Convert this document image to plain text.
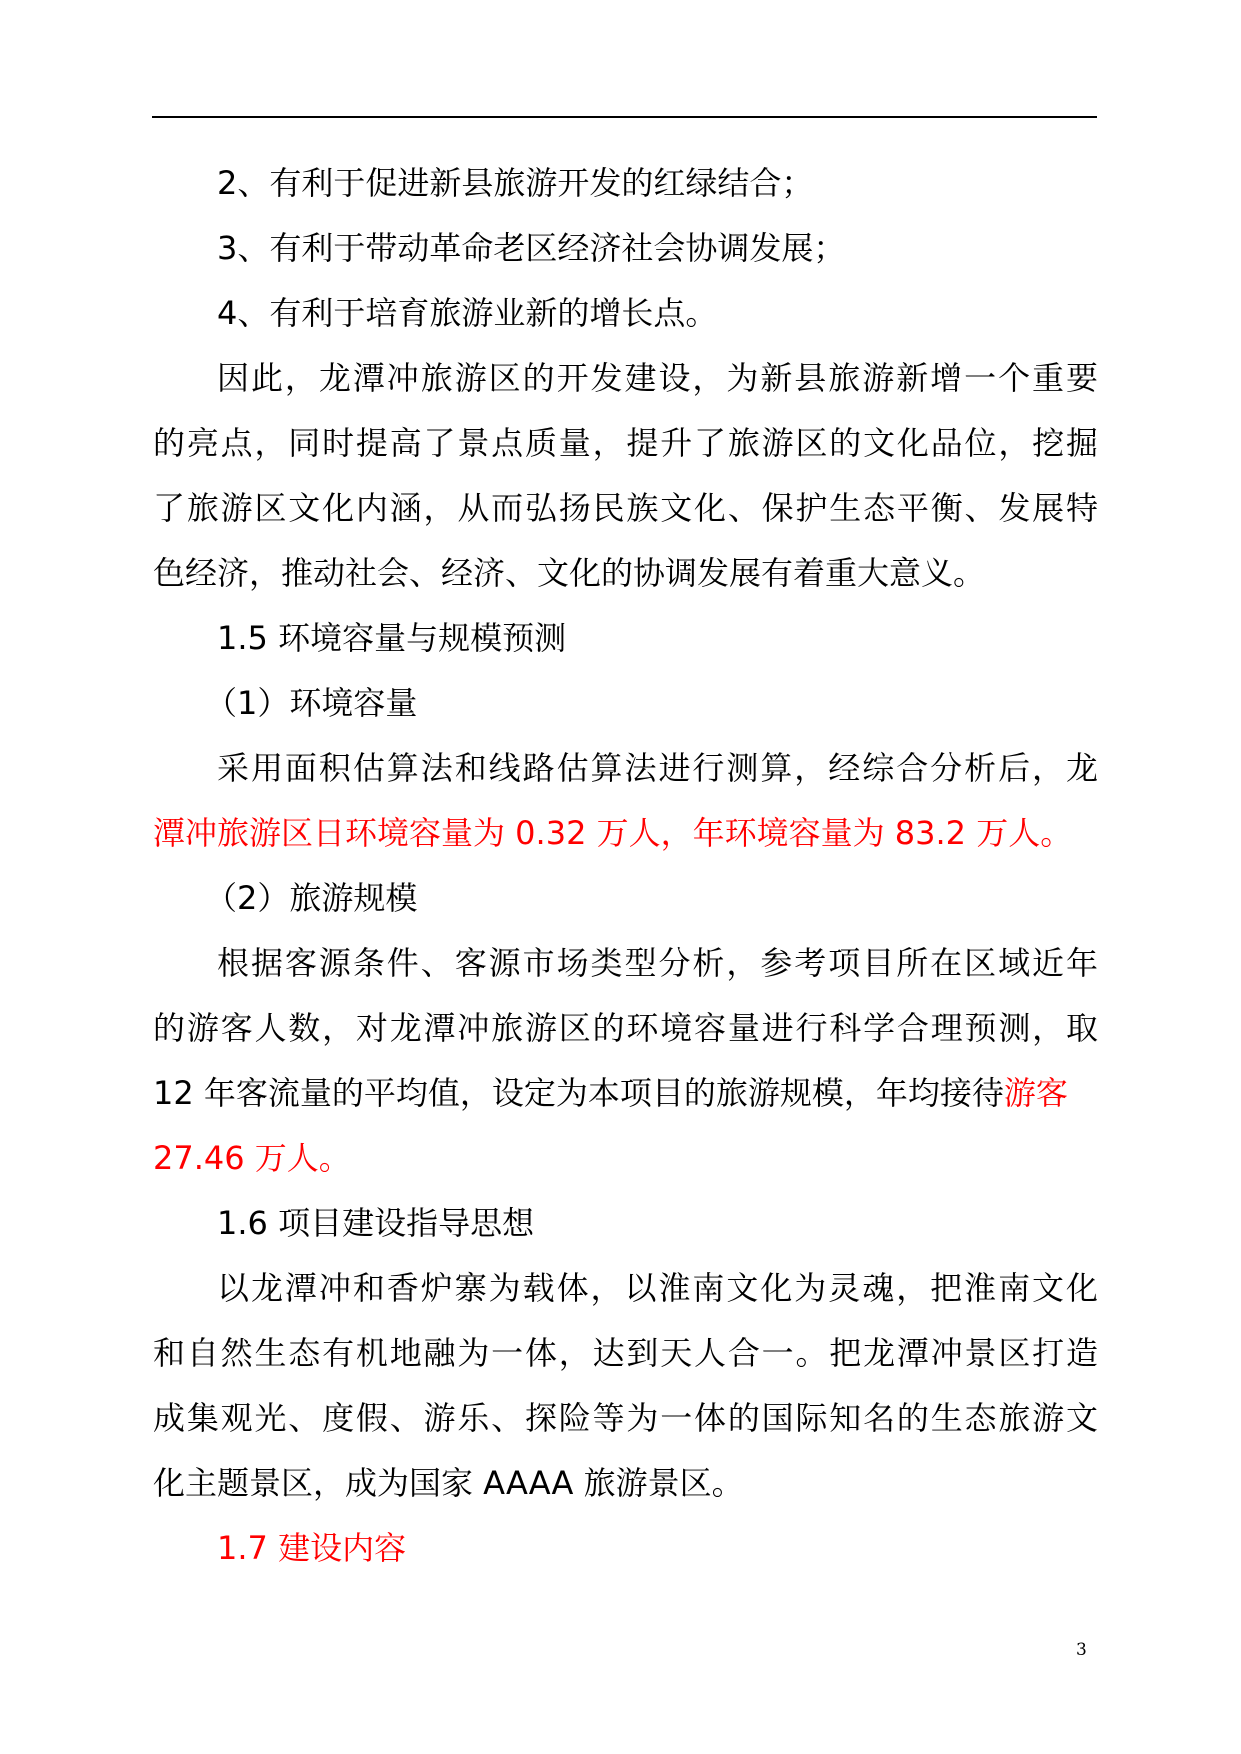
2、有利于促进新县旅游开发的红绿结合；
3、有利于带动革命老区经济社会协调发展；
4、有利于培育旅游业新的增长点。
因此，龙潭冲旅游区的开发建设，为新县旅游新增一个重要
的亮点，同时提高了景点质量，提升了旅游区的文化品位，挖掘
了旅游区文化内涵，从而弘扬民族文化、保护生态平衡、发展特
色经济，推动社会、经济、文化的协调发展有着重大意义。
1.5 环境容量与规模预测
（1）环境容量
采用面积估算法和线路估算法进行测算，经综合分析后，龙
潭冲旅游区日环境容量为 0.32 万人，年环境容量为 83.2 万人。
（2）旅游规模
根据客源条件、客源市场类型分析，参考项目所在区域近年
的游客人数，对龙潭冲旅游区的环境容量进行科学合理预测，取
12 年客流量的平均值，设定为本项目的旅游规模，年均接待游客
27.46 万人。
1.6 项目建设指导思想
以龙潭冲和香炉寨为载体，以淮南文化为灵魂，把淮南文化
和自然生态有机地融为一体，达到天人合一。把龙潭冲景区打造
成集观光、度假、游乐、探险等为一体的国际知名的生态旅游文
化主题景区，成为国家 AAAA 旅游景区。
1.7 建设内容
3
